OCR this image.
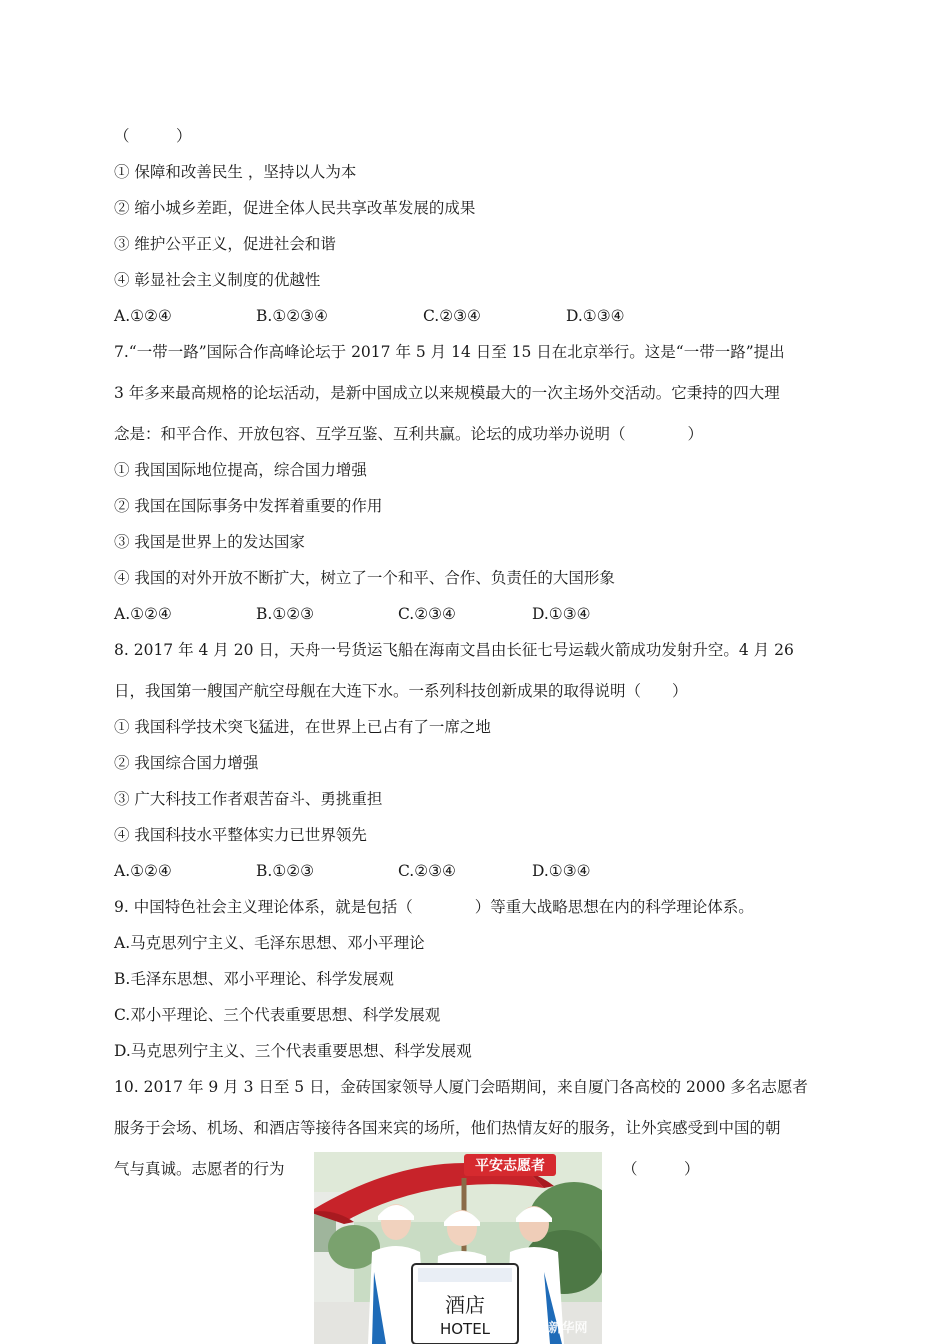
（　　　）
① 保障和改善民生 ，坚持以人为本
② 缩小城乡差距，促进全体人民共享改革发展的成果
③ 维护公平正义，促进社会和谐
④ 彰显社会主义制度的优越性
A.①②④	B.①②③④	C.②③④	D.①③④
7.“一带一路”国际合作高峰论坛于 2017 年 5 月 14 日至 15 日在北京举行。这是“一带一路”提出
3 年多来最高规格的论坛活动，是新中国成立以来规模最大的一次主场外交活动。它秉持的四大理
念是：和平合作、开放包容、互学互鉴、互利共赢。论坛的成功举办说明（　　　　）
① 我国国际地位提高，综合国力增强
② 我国在国际事务中发挥着重要的作用
③ 我国是世界上的发达国家
④ 我国的对外开放不断扩大，树立了一个和平、合作、负责任的大国形象
A.①②④	B.①②③	C.②③④	D.①③④
8. 2017 年 4 月 20 日，天舟一号货运飞船在海南文昌由长征七号运载火箭成功发射升空。4 月 26
日，我国第一艘国产航空母舰在大连下水。一系列科技创新成果的取得说明（　　）
① 我国科学技术突飞猛进，在世界上已占有了一席之地
② 我国综合国力增强
③ 广大科技工作者艰苦奋斗、勇挑重担
④ 我国科技水平整体实力已世界领先
A.①②④	B.①②③	C.②③④	D.①③④
9. 中国特色社会主义理论体系，就是包括（　　　　）等重大战略思想在内的科学理论体系。
A.马克思列宁主义、毛泽东思想、邓小平理论
B.毛泽东思想、邓小平理论、科学发展观
C.邓小平理论、三个代表重要思想、科学发展观
D.马克思列宁主义、三个代表重要思想、科学发展观
10. 2017 年 9 月 3 日至 5 日，金砖国家领导人厦门会晤期间，来自厦门各高校的 2000 多名志愿者
服务于会场、机场、和酒店等接待各国来宾的场所，他们热情友好的服务，让外宾感受到中国的朝
气与真诚。志愿者的行为	（　　　）
平安志愿者
酒店
HOTEL	新华网
